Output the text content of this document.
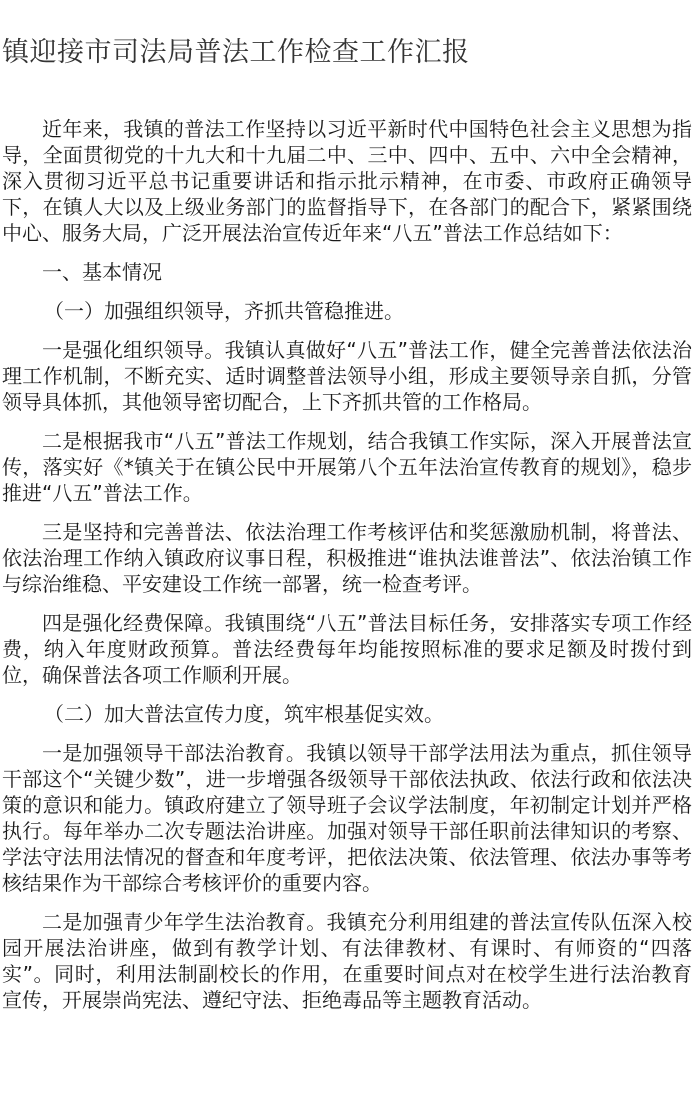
镇迎接市司法局普法工作检查工作汇报

近年来，我镇的普法工作坚持以习近平新时代中国特色社会主义思想为指导，全面贯彻党的十九大和十九届二中、三中、四中、五中、六中全会精神，深入贯彻习近平总书记重要讲话和指示批示精神，在市委、市政府正确领导下，在镇人大以及上级业务部门的监督指导下，在各部门的配合下，紧紧围绕中心、服务大局，广泛开展法治宣传近年来“八五”普法工作总结如下：

一、基本情况

（一）加强组织领导，齐抓共管稳推进。

一是强化组织领导。我镇认真做好“八五”普法工作，健全完善普法依法治理工作机制，不断充实、适时调整普法领导小组，形成主要领导亲自抓，分管领导具体抓，其他领导密切配合，上下齐抓共管的工作格局。

二是根据我市“八五”普法工作规划，结合我镇工作实际，深入开展普法宣传，落实好《*镇关于在镇公民中开展第八个五年法治宣传教育的规划》，稳步推进“八五”普法工作。

三是坚持和完善普法、依法治理工作考核评估和奖惩激励机制，将普法、依法治理工作纳入镇政府议事日程，积极推进“谁执法谁普法”、依法治镇工作与综治维稳、平安建设工作统一部署，统一检查考评。

四是强化经费保障。我镇围绕“八五”普法目标任务，安排落实专项工作经费，纳入年度财政预算。普法经费每年均能按照标准的要求足额及时拨付到位，确保普法各项工作顺利开展。

（二）加大普法宣传力度，筑牢根基促实效。

一是加强领导干部法治教育。我镇以领导干部学法用法为重点，抓住领导干部这个“关键少数”，进一步增强各级领导干部依法执政、依法行政和依法决策的意识和能力。镇政府建立了领导班子会议学法制度，年初制定计划并严格执行。每年举办二次专题法治讲座。加强对领导干部任职前法律知识的考察、学法守法用法情况的督查和年度考评，把依法决策、依法管理、依法办事等考核结果作为干部综合考核评价的重要内容。

二是加强青少年学生法治教育。我镇充分利用组建的普法宣传队伍深入校园开展法治讲座，做到有教学计划、有法律教材、有课时、有师资的“四落实”。同时，利用法制副校长的作用，在重要时间点对在校学生进行法治教育宣传，开展崇尚宪法、遵纪守法、拒绝毒品等主题教育活动。
